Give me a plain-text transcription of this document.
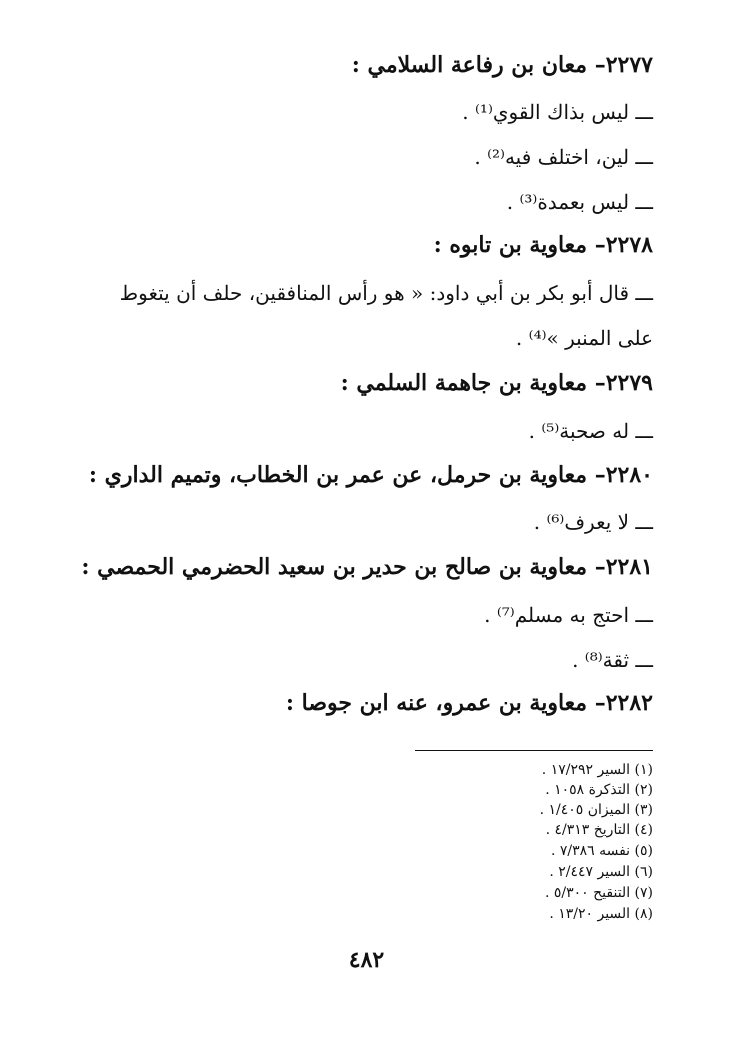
٢٢٧٧– معان بن رفاعة السلامي :
ـــ ليس بذاك القوي⁽¹⁾ .
ـــ لين، اختلف فيه⁽²⁾ .
ـــ ليس بعمدة⁽³⁾ .
٢٢٧٨– معاوية بن تابوه :
ـــ قال أبو بكر بن أبي داود: « هو رأس المنافقين، حلف أن يتغوط
على المنبر »⁽⁴⁾ .
٢٢٧٩– معاوية بن جاهمة السلمي :
ـــ له صحبة⁽⁵⁾ .
٢٢٨٠– معاوية بن حرمل، عن عمر بن الخطاب، وتميم الداري :
ـــ لا يعرف⁽⁶⁾ .
٢٢٨١– معاوية بن صالح بن حدير بن سعيد الحضرمي الحمصي :
ـــ احتج به مسلم⁽⁷⁾ .
ـــ ثقة⁽⁸⁾ .
٢٢٨٢– معاوية بن عمرو، عنه ابن جوصا :
(١) السير ١٧/٢٩٢ .
(٢) التذكرة ١٠٥٨ .
(٣) الميزان ١/٤٠٥ .
(٤) التاريخ ٤/٣١٣ .
(٥) نفسه ٧/٣٨٦ .
(٦) السير ٢/٤٤٧ .
(٧) التنقيح ٥/٣٠٠ .
(٨) السير ١٣/٢٠ .
٤٨٢
